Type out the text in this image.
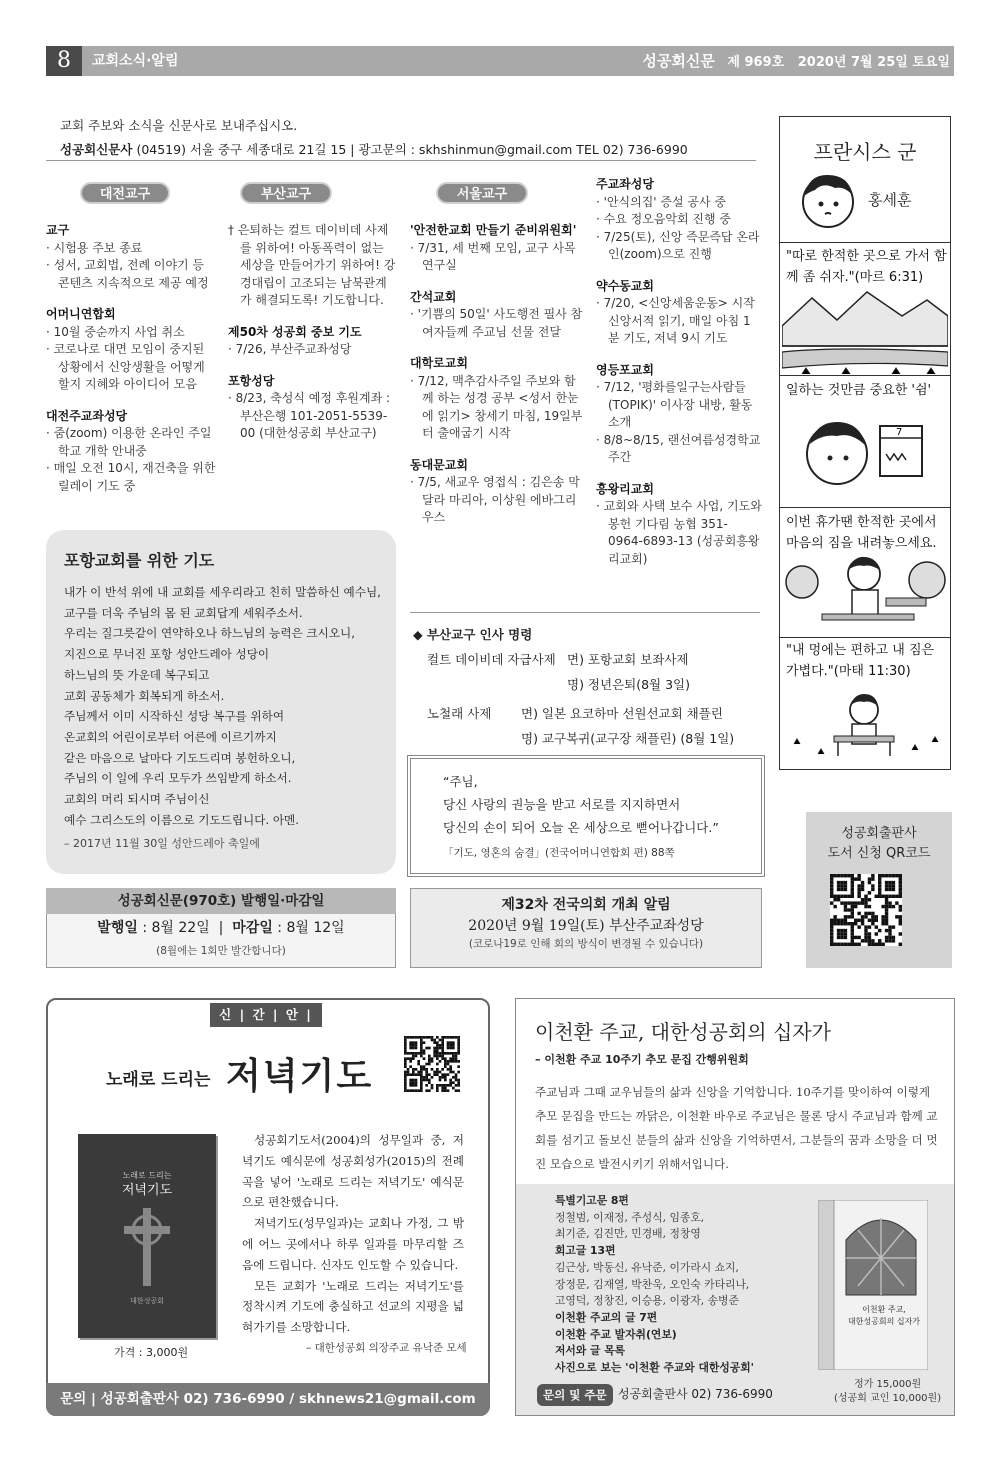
8	교회소식·알림	성공회신문 제 969호 2020년 7월 25일 토요일
교회 주보와 소식을 신문사로 보내주십시오.
성공회신문사 (04519) 서울 중구 세종대로 21길 15 | 광고문의 : skhshinmun@gmail.com TEL 02) 736-6990
대전교구	부산교구	서울교구
교구
· 시험용 주보 종료
· 성서, 교회법, 전례 이야기 등 콘텐츠 지속적으로 제공 예정
어머니연합회
· 10월 중순까지 사업 취소
· 코로나로 대면 모임이 중지된 상황에서 신앙생활을 어떻게 할지 지혜와 아이디어 모음
대전주교좌성당
· 줌(zoom) 이용한 온라인 주일 학교 개학 안내중
· 매일 오전 10시, 재건축을 위한 릴레이 기도 중
† 은퇴하는 컬트 데이비데 사제를 위하여! 아동폭력이 없는 세상을 만들어가기 위하여! 강경대립이 고조되는 남북관계가 해결되도록! 기도합니다.
제50차 성공회 중보 기도
· 7/26, 부산주교좌성당
포항성당
· 8/23, 축성식 예정 후원계좌 : 부산은행 101-2051-5539-00 (대한성공회 부산교구)
'안전한교회 만들기 준비위원회'
· 7/31, 세 번째 모임, 교구 사목연구실
간석교회
· '기쁨의 50일' 사도행전 필사 참여자들께 주교님 선물 전달
대학로교회
· 7/12, 맥추감사주일 주보와 함께 하는 성경 공부 <성서 한눈에 읽기> 창세기 마침, 19일부터 출애굽기 시작
동대문교회
· 7/5, 새교우 영접식 : 김은송 막달라 마리아, 이상원 에바그리우스
주교좌성당
· '안식의집' 증설 공사 중
· 수요 정오음악회 진행 중
· 7/25(토), 신앙 즉문즉답 온라인(zoom)으로 진행
약수동교회
· 7/20, <신앙세움운동> 시작 신앙서적 읽기, 매일 아침 1분 기도, 저녁 9시 기도
영등포교회
· 7/12, '평화를일구는사람들 (TOPIK)' 이사장 내방, 활동 소개
· 8/8~8/15, 랜선여름성경학교 주간
흥왕리교회
· 교회와 사택 보수 사업, 기도와 봉헌 기다림 농협 351-0964-6893-13 (성공회흥왕리교회)
포항교회를 위한 기도
내가 이 반석 위에 내 교회를 세우리라고 친히 말씀하신 예수님,
교구를 더욱 주님의 몸 된 교회답게 세워주소서.
우리는 질그릇같이 연약하오나 하느님의 능력은 크시오니,
지진으로 무너진 포항 성안드레아 성당이
하느님의 뜻 가운데 복구되고
교회 공동체가 회복되게 하소서.
주님께서 이미 시작하신 성당 복구를 위하여
온교회의 어린이로부터 어른에 이르기까지
같은 마음으로 날마다 기도드리며 봉헌하오니,
주님의 이 일에 우리 모두가 쓰임받게 하소서.
교회의 머리 되시며 주님이신
예수 그리스도의 이름으로 기도드립니다. 아멘.
– 2017년 11월 30일 성안드레아 축일에
성공회신문(970호) 발행일·마감일
발행일 : 8월 22일 | 마감일 : 8월 12일
(8월에는 1회만 발간합니다)
◆ 부산교구 인사 명령
컬트 데이비데 자급사제 면) 포항교회 보좌사제
명) 정년은퇴(8월 3일)
노철래 사제	면) 일본 요코하마 선원선교회 채플린
명) 교구복귀(교구장 채플린) (8월 1일)
“주님,
당신 사랑의 권능을 받고 서로를 지지하면서
당신의 손이 되어 오늘 온 세상으로 뻗어나갑니다.”
「기도, 영혼의 숨결」(전국어머니연합회 편) 88쪽
제32차 전국의회 개최 알림
2020년 9월 19일(토) 부산주교좌성당
(코로나19로 인해 회의 방식이 변경될 수 있습니다)
프란시스 군
홍세훈
"따로 한적한 곳으로 가서 함께 좀 쉬자."(마르 6:31)
일하는 것만큼 중요한 '쉼'
7
이번 휴가땐 한적한 곳에서 마음의 짐을 내려놓으세요.
"내 멍에는 편하고 내 짐은 가볍다."(마태 11:30)
성공회출판사
도서 신청 QR코드
신 | 간 | 안 | 내
노래로 드리는 저녁기도
노래로 드리는
저녁기도
대한성공회
가격 : 3,000원
성공회기도서(2004)의 성무일과 중, 저녁기도 예식문에 성공회성가(2015)의 전례곡을 넣어 '노래로 드리는 저녁기도' 예식문으로 편찬했습니다.
저녁기도(성무일과)는 교회나 가정, 그 밖에 어느 곳에서나 하루 일과를 마무리할 즈음에 드립니다. 신자도 인도할 수 있습니다.
모든 교회가 '노래로 드리는 저녁기도'를 정착시켜 기도에 충실하고 선교의 지평을 넓혀가기를 소망합니다.
– 대한성공회 의장주교 유낙준 모세
문의 | 성공회출판사 02) 736-6990 / skhnews21@gmail.com
이천환 주교, 대한성공회의 십자가
– 이천환 주교 10주기 추모 문집 간행위원회
주교님과 그때 교우님들의 삶과 신앙을 기억합니다. 10주기를 맞이하여 이렇게 추모 문집을 만드는 까닭은, 이천환 바우로 주교님은 물론 당시 주교님과 함께 교회를 섬기고 돌보신 분들의 삶과 신앙을 기억하면서, 그분들의 꿈과 소망을 더 멋진 모습으로 발전시키기 위해서입니다.
특별기고문 8편
정철범, 이재정, 주성식, 임종호,
최기준, 김진만, 민경배, 정창영
회고글 13편
김근상, 박동신, 유낙준, 이가라시 쇼지,
장정문, 김재열, 박찬욱, 오인숙 카타리나,
고영덕, 정창진, 이승용, 이광자, 송병준
이천환 주교의 글 7편
이천환 주교 발자취(연보)
저서와 글 목록
사진으로 보는 '이천환 주교와 대한성공회'
이천환 주교,
대한성공회의 십자가
문의 및 주문 성공회출판사 02) 736-6990
정가 15,000원
(성공회 교인 10,000원)
